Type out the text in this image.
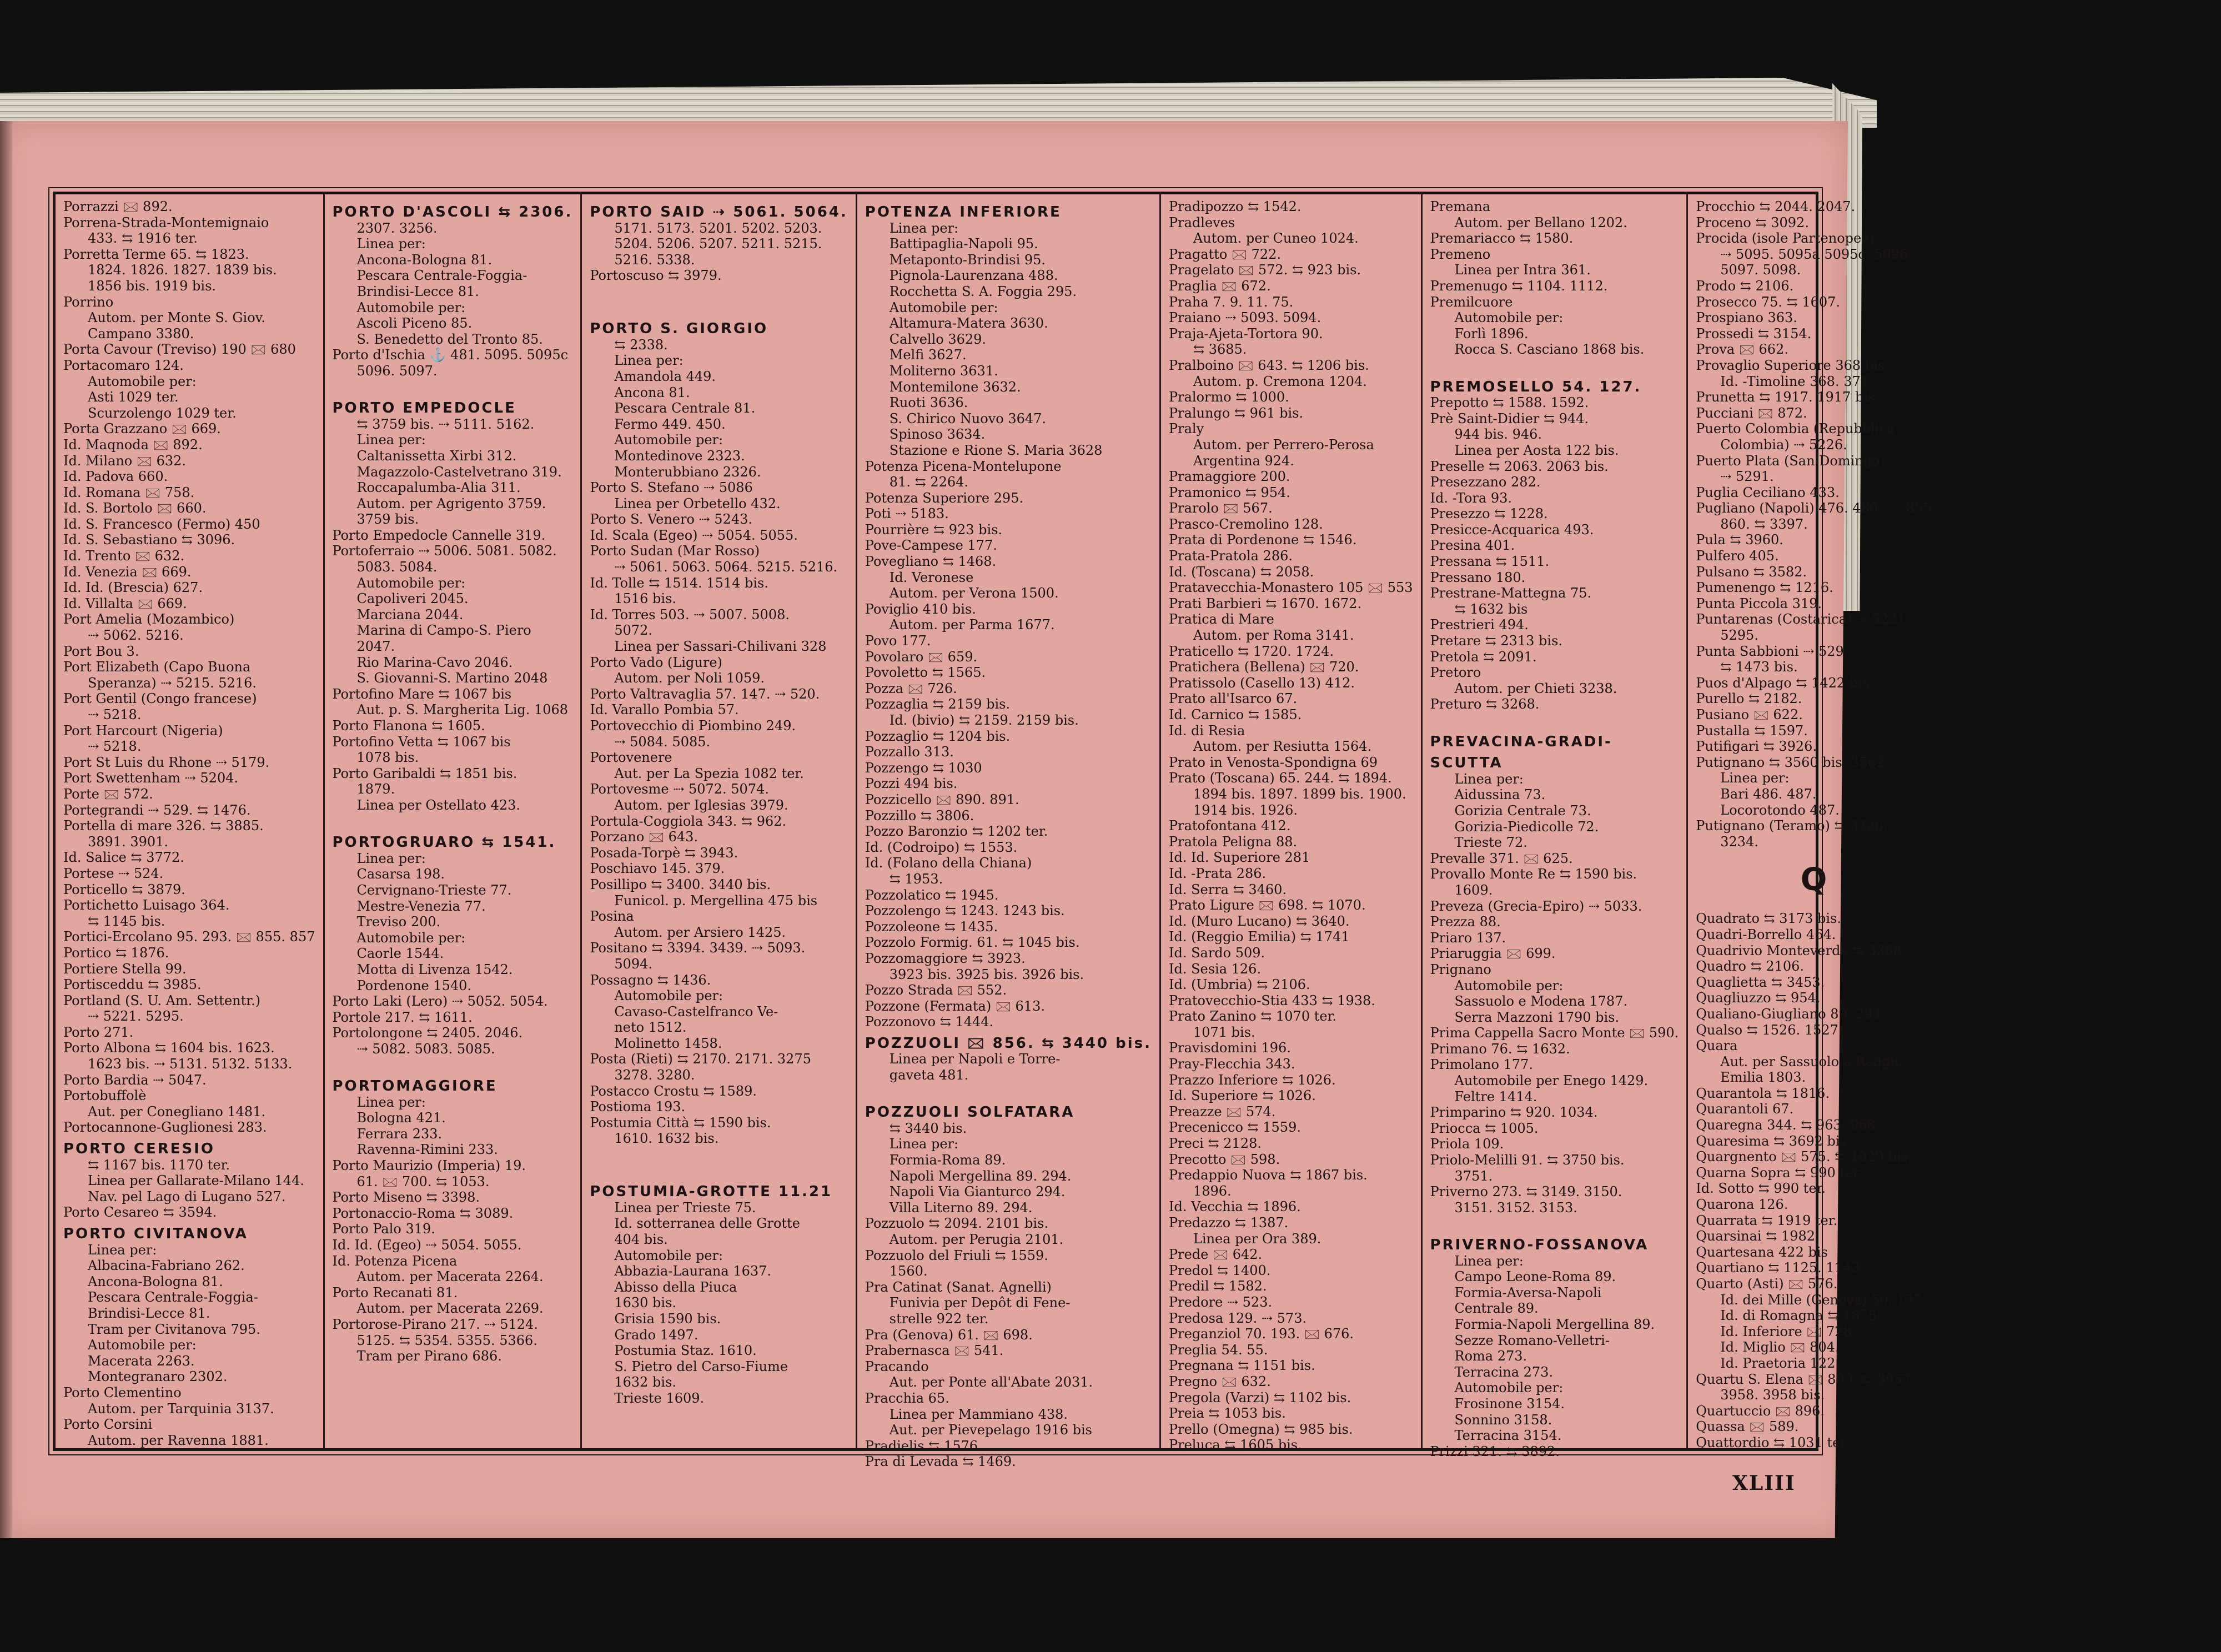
Porrazzi 🖂 892.
Porrena-Strada-Montemignaio
433. ⇆ 1916 ter.
Porretta Terme 65. ⇆ 1823.
1824. 1826. 1827. 1839 bis.
1856 bis. 1919 bis.
Porrino
Autom. per Monte S. Giov.
Campano 3380.
Porta Cavour (Treviso) 190 🖂 680
Portacomaro 124.
Automobile per:
Asti 1029 ter.
Scurzolengo 1029 ter.
Porta Grazzano 🖂 669.
Id. Maqnoda 🖂 892.
Id. Milano 🖂 632.
Id. Padova 660.
Id. Romana 🖂 758.
Id. S. Bortolo 🖂 660.
Id. S. Francesco (Fermo) 450
Id. S. Sebastiano ⇆ 3096.
Id. Trento 🖂 632.
Id. Venezia 🖂 669.
Id. Id. (Brescia) 627.
Id. Villalta 🖂 669.
Port Amelia (Mozambico)
⇢ 5062. 5216.
Port Bou 3.
Port Elizabeth (Capo Buona
Speranza) ⇢ 5215. 5216.
Port Gentil (Congo francese)
⇢ 5218.
Port Harcourt (Nigeria)
⇢ 5218.
Port St Luis du Rhone ⇢ 5179.
Port Swettenham ⇢ 5204.
Porte 🖂 572.
Portegrandi ⇢ 529. ⇆ 1476.
Portella di mare 326. ⇆ 3885.
3891. 3901.
Id. Salice ⇆ 3772.
Portese ⇢ 524.
Porticello ⇆ 3879.
Portichetto Luisago 364.
⇆ 1145 bis.
Portici-Ercolano 95. 293. 🖂 855. 857
Portico ⇆ 1876.
Portiere Stella 99.
Portisceddu ⇆ 3985.
Portland (S. U. Am. Settentr.)
⇢ 5221. 5295.
Porto 271.
Porto Albona ⇆ 1604 bis. 1623.
1623 bis. ⇢ 5131. 5132. 5133.
Porto Bardia ⇢ 5047.
Portobuffolè
Aut. per Conegliano 1481.
Portocannone-Guglionesi 283.
PORTO CERESIO
⇆ 1167 bis. 1170 ter.
Linea per Gallarate-Milano 144.
Nav. pel Lago di Lugano 527.
Porto Cesareo ⇆ 3594.
PORTO CIVITANOVA
Linea per:
Albacina-Fabriano 262.
Ancona-Bologna 81.
Pescara Centrale-Foggia-
Brindisi-Lecce 81.
Tram per Civitanova 795.
Automobile per:
Macerata 2263.
Montegranaro 2302.
Porto Clementino
Autom. per Tarquinia 3137.
Porto Corsini
Autom. per Ravenna 1881.
PORTO D'ASCOLI ⇆ 2306.
2307. 3256.
Linea per:
Ancona-Bologna 81.
Pescara Centrale-Foggia-
Brindisi-Lecce 81.
Automobile per:
Ascoli Piceno 85.
S. Benedetto del Tronto 85.
Porto d'Ischia ⚓ 481. 5095. 5095c
5096. 5097.

PORTO EMPEDOCLE
⇆ 3759 bis. ⇢ 5111. 5162.
Linea per:
Caltanissetta Xirbi 312.
Magazzolo-Castelvetrano 319.
Roccapalumba-Alia 311.
Autom. per Agrigento 3759.
3759 bis.
Porto Empedocle Cannelle 319.
Portoferraio ⇢ 5006. 5081. 5082.
5083. 5084.
Automobile per:
Capoliveri 2045.
Marciana 2044.
Marina di Campo-S. Piero
2047.
Rio Marina-Cavo 2046.
S. Giovanni-S. Martino 2048
Portofino Mare ⇆ 1067 bis
Aut. p. S. Margherita Lig. 1068
Porto Flanona ⇆ 1605.
Portofino Vetta ⇆ 1067 bis
1078 bis.
Porto Garibaldi ⇆ 1851 bis.
1879.
Linea per Ostellato 423.

PORTOGRUARO ⇆ 1541.
Linea per:
Casarsa 198.
Cervignano-Trieste 77.
Mestre-Venezia 77.
Treviso 200.
Automobile per:
Caorle 1544.
Motta di Livenza 1542.
Pordenone 1540.
Porto Laki (Lero) ⇢ 5052. 5054.
Portole 217. ⇆ 1611.
Portolongone ⇆ 2405. 2046.
⇢ 5082. 5083. 5085.

PORTOMAGGIORE
Linea per:
Bologna 421.
Ferrara 233.
Ravenna-Rimini 233.
Porto Maurizio (Imperia) 19.
61. 🖂 700. ⇆ 1053.
Porto Miseno ⇆ 3398.
Portonaccio-Roma ⇆ 3089.
Porto Palo 319.
Id. Id. (Egeo) ⇢ 5054. 5055.
Id. Potenza Picena
Autom. per Macerata 2264.
Porto Recanati 81.
Autom. per Macerata 2269.
Portorose-Pirano 217. ⇢ 5124.
5125. ⇆ 5354. 5355. 5366.
Tram per Pirano 686.
PORTO SAID ⇢ 5061. 5064.
5171. 5173. 5201. 5202. 5203.
5204. 5206. 5207. 5211. 5215.
5216. 5338.
Portoscuso ⇆ 3979.

PORTO S. GIORGIO
⇆ 2338.
Linea per:
Amandola 449.
Ancona 81.
Pescara Centrale 81.
Fermo 449. 450.
Automobile per:
Montedinove 2323.
Monterubbiano 2326.
Porto S. Stefano ⇢ 5086
Linea per Orbetello 432.
Porto S. Venero ⇢ 5243.
Id. Scala (Egeo) ⇢ 5054. 5055.
Porto Sudan (Mar Rosso)
⇢ 5061. 5063. 5064. 5215. 5216.
Id. Tolle ⇆ 1514. 1514 bis.
1516 bis.
Id. Torres 503. ⇢ 5007. 5008.
5072.
Linea per Sassari-Chilivani 328
Porto Vado (Ligure)
Autom. per Noli 1059.
Porto Valtravaglia 57. 147. ⇢ 520.
Id. Varallo Pombia 57.
Portovecchio di Piombino 249.
⇢ 5084. 5085.
Portovenere
Aut. per La Spezia 1082 ter.
Portovesme ⇢ 5072. 5074.
Autom. per Iglesias 3979.
Portula-Coggiola 343. ⇆ 962.
Porzano 🖂 643.
Posada-Torpè ⇆ 3943.
Poschiavo 145. 379.
Posillipo ⇆ 3400. 3440 bis.
Funicol. p. Mergellina 475 bis
Posina
Autom. per Arsiero 1425.
Positano ⇆ 3394. 3439. ⇢ 5093.
5094.
Possagno ⇆ 1436.
Automobile per:
Cavaso-Castelfranco Ve-
neto 1512.
Molinetto 1458.
Posta (Rieti) ⇆ 2170. 2171. 3275
3278. 3280.
Postacco Crostu ⇆ 1589.
Postioma 193.
Postumia Città ⇆ 1590 bis.
1610. 1632 bis.

POSTUMIA-GROTTE 11.21
Linea per Trieste 75.
Id. sotterranea delle Grotte
404 bis.
Automobile per:
Abbazia-Laurana 1637.
Abisso della Piuca
1630 bis.
Grisia 1590 bis.
Grado 1497.
Postumia Staz. 1610.
S. Pietro del Carso-Fiume
1632 bis.
Trieste 1609.
POTENZA INFERIORE
Linea per:
Battipaglia-Napoli 95.
Metaponto-Brindisi 95.
Pignola-Laurenzana 488.
Rocchetta S. A. Foggia 295.
Automobile per:
Altamura-Matera 3630.
Calvello 3629.
Melfi 3627.
Moliterno 3631.
Montemilone 3632.
Ruoti 3636.
S. Chirico Nuovo 3647.
Spinoso 3634.
Stazione e Rione S. Maria 3628
Potenza Picena-Montelupone
81. ⇆ 2264.
Potenza Superiore 295.
Poti ⇢ 5183.
Pourrière ⇆ 923 bis.
Pove-Campese 177.
Povegliano ⇆ 1468.
Id. Veronese
Autom. per Verona 1500.
Poviglio 410 bis.
Autom. per Parma 1677.
Povo 177.
Povolaro 🖂 659.
Povoletto ⇆ 1565.
Pozza 🖂 726.
Pozzaglia ⇆ 2159 bis.
Id. (bivio) ⇆ 2159. 2159 bis.
Pozzaglio ⇆ 1204 bis.
Pozzallo 313.
Pozzengo ⇆ 1030
Pozzi 494 bis.
Pozzicello 🖂 890. 891.
Pozzillo ⇆ 3806.
Pozzo Baronzio ⇆ 1202 ter.
Id. (Codroipo) ⇆ 1553.
Id. (Folano della Chiana)
⇆ 1953.
Pozzolatico ⇆ 1945.
Pozzolengo ⇆ 1243. 1243 bis.
Pozzoleone ⇆ 1435.
Pozzolo Formig. 61. ⇆ 1045 bis.
Pozzomaggiore ⇆ 3923.
3923 bis. 3925 bis. 3926 bis.
Pozzo Strada 🖂 552.
Pozzone (Fermata) 🖂 613.
Pozzonovo ⇆ 1444.
POZZUOLI 🖂 856. ⇆ 3440 bis.
Linea per Napoli e Torre-
gaveta 481.

POZZUOLI SOLFATARA
⇆ 3440 bis.
Linea per:
Formia-Roma 89.
Napoli Mergellina 89. 294.
Napoli Via Gianturco 294.
Villa Literno 89. 294.
Pozzuolo ⇆ 2094. 2101 bis.
Autom. per Perugia 2101.
Pozzuolo del Friuli ⇆ 1559.
1560.
Pra Catinat (Sanat. Agnelli)
Funivia per Depôt di Fene-
strelle 922 ter.
Pra (Genova) 61. 🖂 698.
Prabernasca 🖂 541.
Pracando
Aut. per Ponte all'Abate 2031.
Pracchia 65.
Linea per Mammiano 438.
Aut. per Pievepelago 1916 bis
Pradielis ⇆ 1576.
Pra di Levada ⇆ 1469.
Pradipozzo ⇆ 1542.
Pradleves
Autom. per Cuneo 1024.
Pragatto 🖂 722.
Pragelato 🖂 572. ⇆ 923 bis.
Praglia 🖂 672.
Praha 7. 9. 11. 75.
Praiano ⇢ 5093. 5094.
Praja-Ajeta-Tortora 90.
⇆ 3685.
Pralboino 🖂 643. ⇆ 1206 bis.
Autom. p. Cremona 1204.
Pralormo ⇆ 1000.
Pralungo ⇆ 961 bis.
Praly
Autom. per Perrero-Perosa
Argentina 924.
Pramaggiore 200.
Pramonico ⇆ 954.
Prarolo 🖂 567.
Prasco-Cremolino 128.
Prata di Pordenone ⇆ 1546.
Prata-Pratola 286.
Id. (Toscana) ⇆ 2058.
Pratavecchia-Monastero 105 🖂 553
Prati Barbieri ⇆ 1670. 1672.
Pratica di Mare
Autom. per Roma 3141.
Praticello ⇆ 1720. 1724.
Pratichera (Bellena) 🖂 720.
Pratissolo (Casello 13) 412.
Prato all'Isarco 67.
Id. Carnico ⇆ 1585.
Id. di Resia
Autom. per Resiutta 1564.
Prato in Venosta-Spondigna 69
Prato (Toscana) 65. 244. ⇆ 1894.
1894 bis. 1897. 1899 bis. 1900.
1914 bis. 1926.
Pratofontana 412.
Pratola Peligna 88.
Id. Id. Superiore 281
Id. -Prata 286.
Id. Serra ⇆ 3460.
Prato Ligure 🖂 698. ⇆ 1070.
Id. (Muro Lucano) ⇆ 3640.
Id. (Reggio Emilia) ⇆ 1741
Id. Sardo 509.
Id. Sesia 126.
Id. (Umbria) ⇆ 2106.
Pratovecchio-Stia 433 ⇆ 1938.
Prato Zanino ⇆ 1070 ter.
1071 bis.
Pravisdomini 196.
Pray-Flecchia 343.
Prazzo Inferiore ⇆ 1026.
Id. Superiore ⇆ 1026.
Preazze 🖂 574.
Precenicco ⇆ 1559.
Preci ⇆ 2128.
Precotto 🖂 598.
Predappio Nuova ⇆ 1867 bis.
1896.
Id. Vecchia ⇆ 1896.
Predazzo ⇆ 1387.
Linea per Ora 389.
Prede 🖂 642.
Predol ⇆ 1400.
Predil ⇆ 1582.
Predore ⇢ 523.
Predosa 129. ⇢ 573.
Preganziol 70. 193. 🖂 676.
Preglia 54. 55.
Pregnana ⇆ 1151 bis.
Pregno 🖂 632.
Pregola (Varzi) ⇆ 1102 bis.
Preia ⇆ 1053 bis.
Prello (Omegna) ⇆ 985 bis.
Preluca ⇆ 1605 bis.
Premana
Autom. per Bellano 1202.
Premariacco ⇆ 1580.
Premeno
Linea per Intra 361.
Premenugo ⇆ 1104. 1112.
Premilcuore
Automobile per:
Forlì 1896.
Rocca S. Casciano 1868 bis.

PREMOSELLO 54. 127.
Prepotto ⇆ 1588. 1592.
Prè Saint-Didier ⇆ 944.
944 bis. 946.
Linea per Aosta 122 bis.
Preselle ⇆ 2063. 2063 bis.
Presezzano 282.
Id. -Tora 93.
Presezzo ⇆ 1228.
Presicce-Acquarica 493.
Presina 401.
Pressana ⇆ 1511.
Pressano 180.
Prestrane-Mattegna 75.
⇆ 1632 bis
Prestrieri 494.
Pretare ⇆ 2313 bis.
Pretola ⇆ 2091.
Pretoro
Autom. per Chieti 3238.
Preturo ⇆ 3268.

PREVACINA-GRADI-
SCUTTA
Linea per:
Aidussina 73.
Gorizia Centrale 73.
Gorizia-Piedicolle 72.
Trieste 72.
Prevalle 371. 🖂 625.
Provallo Monte Re ⇆ 1590 bis.
1609.
Preveza (Grecia-Epiro) ⇢ 5033.
Prezza 88.
Priaro 137.
Priaruggia 🖂 699.
Prignano
Automobile per:
Sassuolo e Modena 1787.
Serra Mazzoni 1790 bis.
Prima Cappella Sacro Monte 🖂 590.
Primano 76. ⇆ 1632.
Primolano 177.
Automobile per Enego 1429.
Feltre 1414.
Primparino ⇆ 920. 1034.
Priocca ⇆ 1005.
Priola 109.
Priolo-Melilli 91. ⇆ 3750 bis.
3751.
Priverno 273. ⇆ 3149. 3150.
3151. 3152. 3153.

PRIVERNO-FOSSANOVA
Linea per:
Campo Leone-Roma 89.
Formia-Aversa-Napoli
Centrale 89.
Formia-Napoli Mergellina 89.
Sezze Romano-Velletri-
Roma 273.
Terracina 273.
Automobile per:
Frosinone 3154.
Sonnino 3158.
Terracina 3154.
Prizzi 321. ⇆ 3892.
Procchio ⇆ 2044. 2047.
Proceno ⇆ 3092.
Procida (isole Partenopee)
⇢ 5095. 5095a 5095c. 5096.
5097. 5098.
Prodo ⇆ 2106.
Prosecco 75. ⇆ 1607.
Prospiano 363.
Prossedi ⇆ 3154.
Prova 🖂 662.
Provaglio Superiore 368 bis.
Id. -Timoline 368. 371.
Prunetta ⇆ 1917. 1917 bis.
Pucciani 🖂 872.
Puerto Colombia (Repubblica
Colombia) ⇢ 5226.
Puerto Plata (San Domingo)
⇢ 5291.
Puglia Ceciliano 433.
Pugliano (Napoli) 476. 480. 🖂 855
860. ⇆ 3397.
Pula ⇆ 3960.
Pulfero 405.
Pulsano ⇆ 3582.
Pumenengo ⇆ 1216.
Punta Piccola 319.
Puntarenas (Costarica) ⇢ 5221.
5295.
Punta Sabbioni ⇢ 529.
⇆ 1473 bis.
Puos d'Alpago ⇆ 1422 bis.
Purello ⇆ 2182.
Pusiano 🖂 622.
Pustalla ⇆ 1597.
Putifigari ⇆ 3926.
Putignano ⇆ 3560 bis. 3562.
Linea per:
Bari 486. 487.
Locorotondo 487.
Putignano (Teramo) ⇆ 3226.
3234.
Q
Quadrato ⇆ 3173 bis.
Quadri-Borrello 464.
Quadrivio Monteverde ⇆ 3368.
Quadro ⇆ 2106.
Quaglietta ⇆ 3453.
Quagliuzzo ⇆ 954.
Qualiano-Giugliano 89. 294.
Qualso ⇆ 1526. 1527.
Quara
Aut. per Sassuolo e Reggio
Emilia 1803.
Quarantola ⇆ 1816.
Quarantoli 67.
Quaregna 344. ⇆ 963. 968.
Quaresima ⇆ 3692 bis.
Quargnento 🖂 575. ⇆ 1029 bis.
Quarna Sopra ⇆ 990 ter.
Id. Sotto ⇆ 990 ter.
Quarona 126.
Quarrata ⇆ 1919 ter.
Quarsinai ⇆ 1982.
Quartesana 422 bis
Quartiano ⇆ 1125. 1143.
Quarto (Asti) 🖂 576.
Id. dei Mille (Genova) 50. 137.
Id. di Romagna ⇆ 1873.
Id. Inferiore 🖂 728.
Id. Miglio 🖂 804.
Id. Praetoria 122.
Quartu S. Elena 🖂 899. ⇆ 3957.
3958. 3958 bis.
Quartuccio 🖂 896.
Quassa 🖂 589.
Quattordio ⇆ 1031 ter.
XLIII
